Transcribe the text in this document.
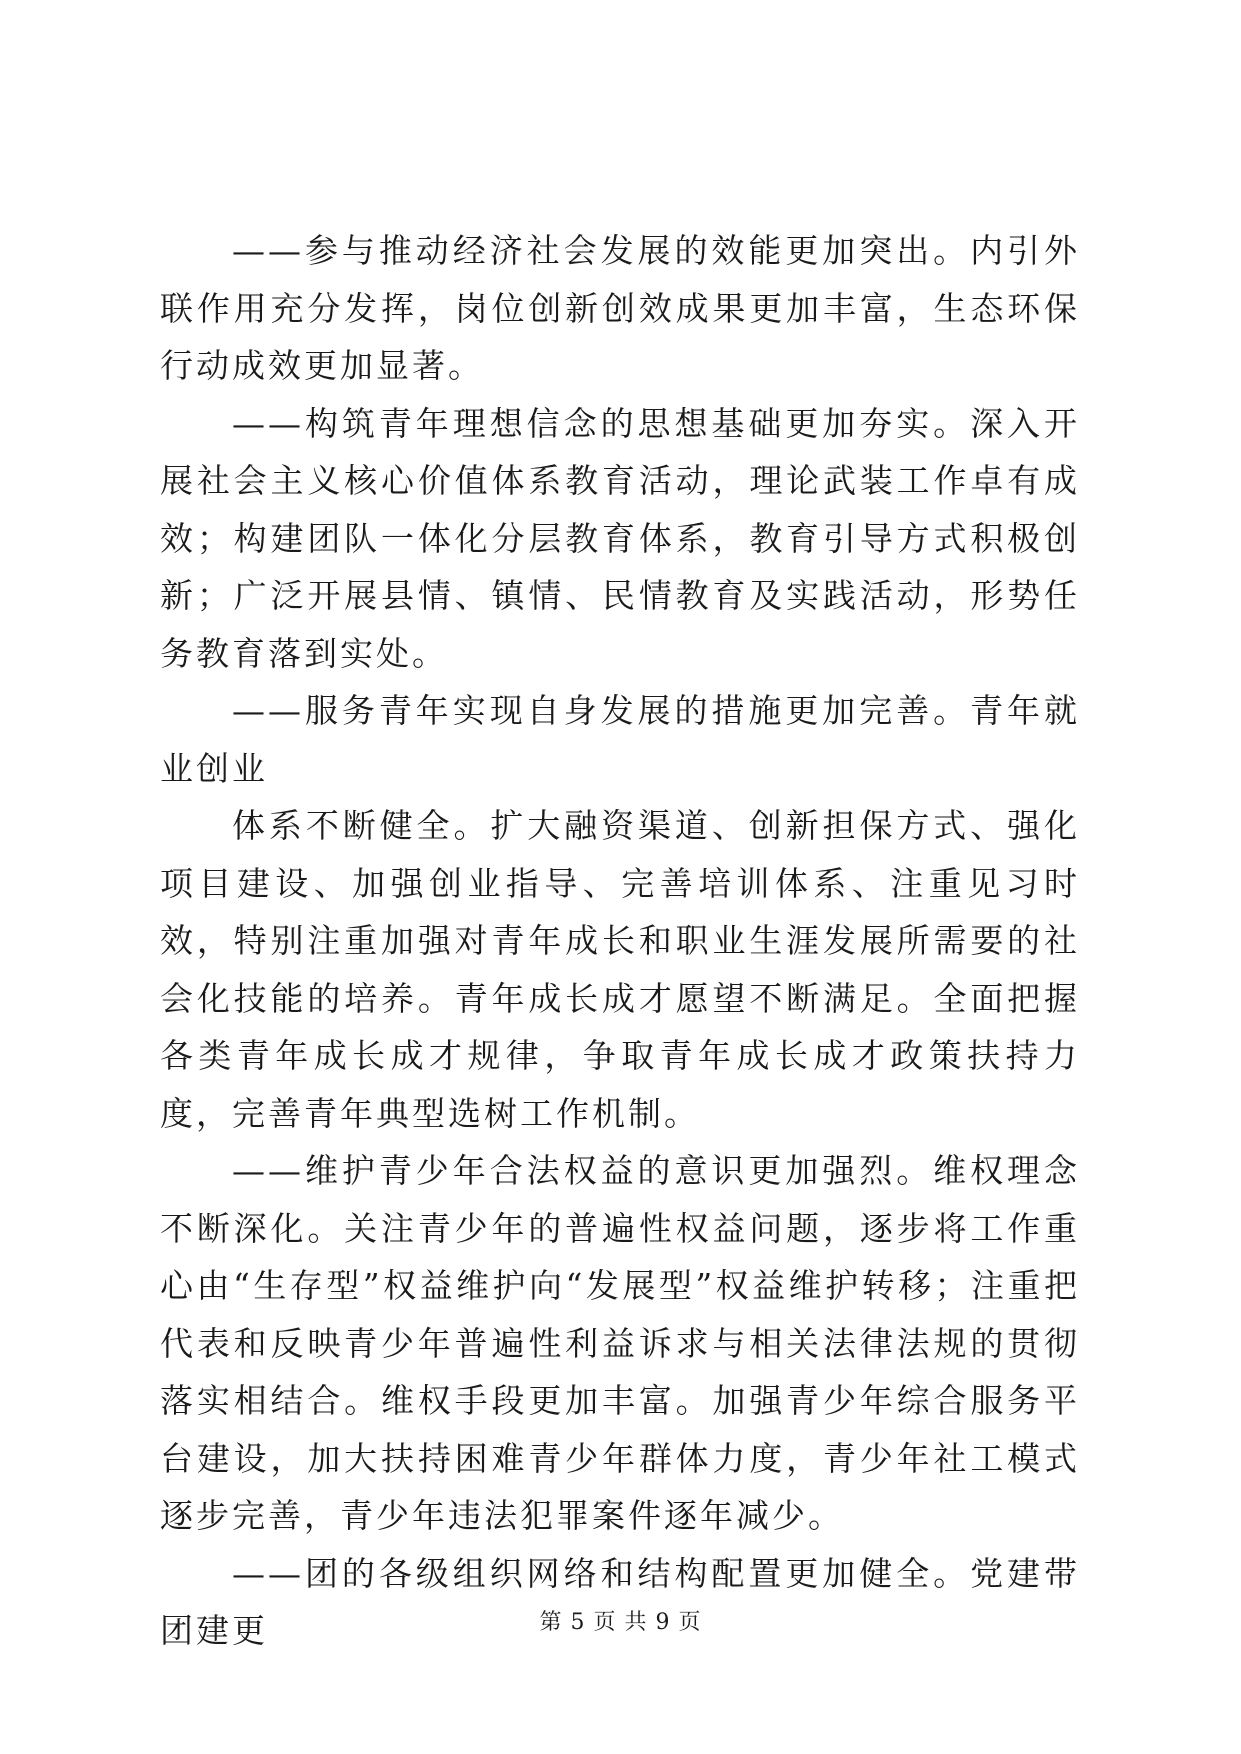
——参与推动经济社会发展的效能更加突出。内引外联作用充分发挥，岗位创新创效成果更加丰富，生态环保行动成效更加显著。

——构筑青年理想信念的思想基础更加夯实。深入开展社会主义核心价值体系教育活动，理论武装工作卓有成效；构建团队一体化分层教育体系，教育引导方式积极创新；广泛开展县情、镇情、民情教育及实践活动，形势任务教育落到实处。

——服务青年实现自身发展的措施更加完善。青年就业创业

体系不断健全。扩大融资渠道、创新担保方式、强化项目建设、加强创业指导、完善培训体系、注重见习时效，特别注重加强对青年成长和职业生涯发展所需要的社会化技能的培养。青年成长成才愿望不断满足。全面把握各类青年成长成才规律，争取青年成长成才政策扶持力度，完善青年典型选树工作机制。

——维护青少年合法权益的意识更加强烈。维权理念不断深化。关注青少年的普遍性权益问题，逐步将工作重心由“生存型”权益维护向“发展型”权益维护转移；注重把代表和反映青少年普遍性利益诉求与相关法律法规的贯彻落实相结合。维权手段更加丰富。加强青少年综合服务平台建设，加大扶持困难青少年群体力度，青少年社工模式逐步完善，青少年违法犯罪案件逐年减少。

——团的各级组织网络和结构配置更加健全。党建带团建更	第 5 页 共 9 页
